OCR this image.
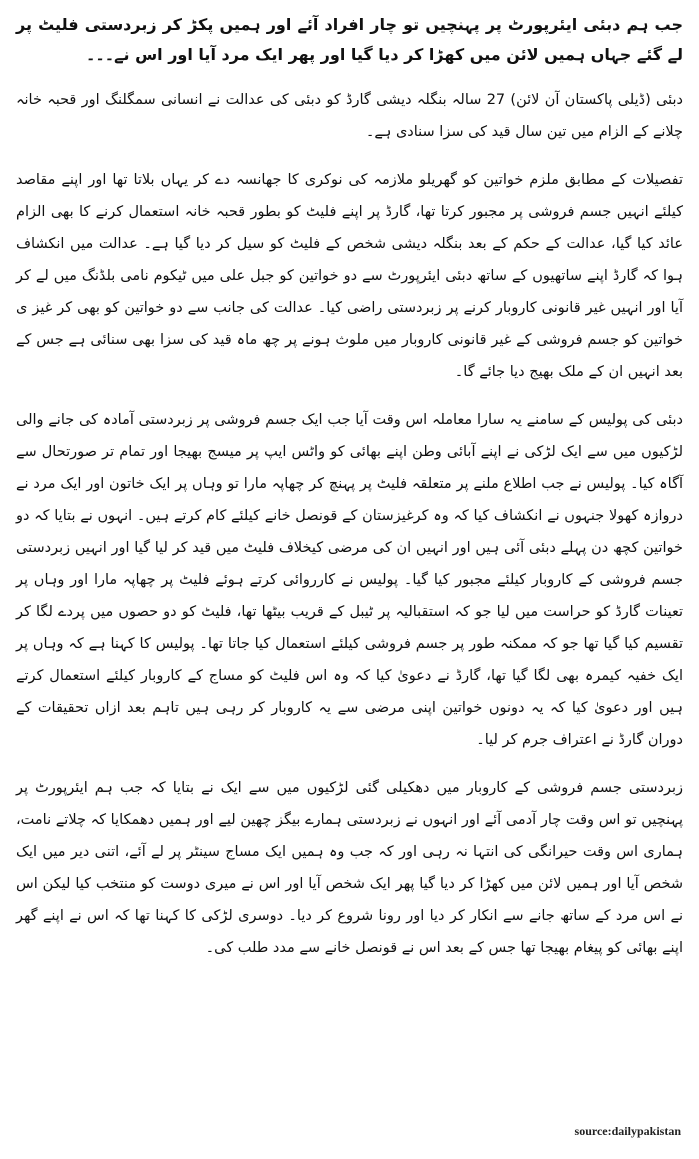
جب ہم دبئی ایئرپورٹ پر پہنچیں تو چار افراد آئے اور ہمیں پکڑ کر زبردستی فلیٹ پر لے گئے جہاں ہمیں لائن میں کھڑا کر دیا گیا اور پھر ایک مرد آیا اور اس نے۔۔۔

دبئی (ڈیلی پاکستان آن لائن) 27 سالہ بنگلہ دیشی گارڈ کو دبئی کی عدالت نے انسانی سمگلنگ اور قحبہ خانہ چلانے کے الزام میں تین سال قید کی سزا سنادی ہے۔

تفصیلات کے مطابق ملزم خواتین کو گھریلو ملازمہ کی نوکری کا جھانسہ دے کر یہاں بلاتا تھا اور اپنے مقاصد کیلئے انہیں جسم فروشی پر مجبور کرتا تھا، گارڈ پر اپنے فلیٹ کو بطور قحبہ خانہ استعمال کرنے کا بھی الزام عائد کیا گیا، عدالت کے حکم کے بعد بنگلہ دیشی شخص کے فلیٹ کو سیل کر دیا گیا ہے۔ عدالت میں انکشاف ہوا کہ گارڈ اپنے ساتھیوں کے ساتھ دبئی ایئرپورٹ سے دو خواتین کو جبل علی میں ٹیکوم نامی بلڈنگ میں لے کر آیا اور انہیں غیر قانونی کاروبار کرنے پر زبردستی راضی کیا۔ عدالت کی جانب سے دو خواتین کو بھی کر غیز ی خواتین کو جسم فروشی کے غیر قانونی کاروبار میں ملوث ہونے پر چھ ماہ قید کی سزا بھی سنائی ہے جس کے بعد انہیں ان کے ملک بھیج دیا جائے گا۔

دبئی کی پولیس کے سامنے یہ سارا معاملہ اس وقت آیا جب ایک جسم فروشی پر زبردستی آمادہ کی جانے والی لڑکیوں میں سے ایک لڑکی نے اپنے آبائی وطن اپنے بھائی کو واٹس ایپ پر میسج بھیجا اور تمام تر صورتحال سے آگاہ کیا۔ پولیس نے جب اطلاع ملنے پر متعلقہ فلیٹ پر پہنچ کر چھاپہ مارا تو وہاں پر ایک خاتون اور ایک مرد نے دروازہ کھولا جنہوں نے انکشاف کیا کہ وہ کرغیزستان کے قونصل خانے کیلئے کام کرتے ہیں۔ انہوں نے بتایا کہ دو خواتین کچھ دن پہلے دبئی آئی ہیں اور انہیں ان کی مرضی کیخلاف فلیٹ میں قید کر لیا گیا اور انہیں زبردستی جسم فروشی کے کاروبار کیلئے مجبور کیا گیا۔ پولیس نے کارروائی کرتے ہوئے فلیٹ پر چھاپہ مارا اور وہاں پر تعینات گارڈ کو حراست میں لیا جو کہ استقبالیہ پر ٹیبل کے قریب بیٹھا تھا، فلیٹ کو دو حصوں میں پردے لگا کر تقسیم کیا گیا تھا جو کہ ممکنہ طور پر جسم فروشی کیلئے استعمال کیا جاتا تھا۔ پولیس کا کہنا ہے کہ وہاں پر ایک خفیہ کیمرہ بھی لگا گیا تھا، گارڈ نے دعویٰ کیا کہ وہ اس فلیٹ کو مساج کے کاروبار کیلئے استعمال کرتے ہیں اور دعویٰ کیا کہ یہ دونوں خواتین اپنی مرضی سے یہ کاروبار کر رہی ہیں تاہم بعد ازاں تحقیقات کے دوران گارڈ نے اعتراف جرم کر لیا۔

زبردستی جسم فروشی کے کاروبار میں دھکیلی گئی لڑکیوں میں سے ایک نے بتایا کہ جب ہم ایئرپورٹ پر پہنچیں تو اس وقت چار آدمی آئے اور انہوں نے زبردستی ہمارے بیگز چھین لیے اور ہمیں دھمکایا کہ چلاتے نامت، ہماری اس وقت حیرانگی کی انتہا نہ رہی اور کہ جب وہ ہمیں ایک مساج سینٹر پر لے آئے، اتنی دیر میں ایک شخص آیا اور ہمیں لائن میں کھڑا کر دیا گیا پھر ایک شخص آیا اور اس نے میری دوست کو منتخب کیا لیکن اس نے اس مرد کے ساتھ جانے سے انکار کر دیا اور رونا شروع کر دیا۔ دوسری لڑکی کا کہنا تھا کہ اس نے اپنے گھر اپنے بھائی کو پیغام بھیجا تھا جس کے بعد اس نے قونصل خانے سے مدد طلب کی۔

source:dailypakistan
